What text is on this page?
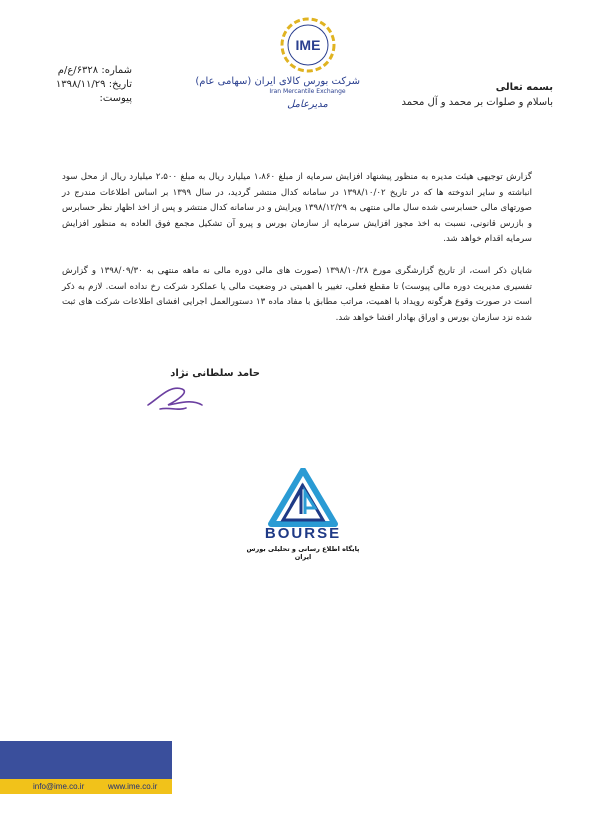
شماره: ۶۳۲۸/ع/م
تاریخ: ۱۳۹۸/۱۱/۲۹
پیوست:
IME
شرکت بورس کالای ایران (سهامی عام)
Iran Mercantile Exchange
مدیرعامل
بسمه تعالی
باسلام و صلوات بر محمد و آل محمد
گزارش توجیهی هیئت مدیره به منظور پیشنهاد افزایش سرمایه از مبلغ ۱،۸۶۰ میلیارد ریال به مبلغ ۲،۵۰۰ میلیارد ریال از محل سود انباشته و سایر اندوخته ها که در تاریخ ۱۳۹۸/۱۰/۰۲ در سامانه کدال منتشر گردید، در سال ۱۳۹۹ بر اساس اطلاعات مندرج در صورتهای مالی حسابرسی شده سال مالی منتهی به ۱۳۹۸/۱۲/۲۹ ویرایش و در سامانه کدال منتشر و پس از اخذ اظهار نظر حسابرس و بازرس قانونی، نسبت به اخذ مجوز افزایش سرمایه از سازمان بورس و پیرو آن تشکیل مجمع فوق العاده به منظور افزایش سرمایه اقدام خواهد شد.
شایان ذکر است، از تاریخ گزارشگری مورخ ۱۳۹۸/۱۰/۲۸ (صورت های مالی دوره مالی نه ماهه منتهی به ۱۳۹۸/۰۹/۳۰ و گزارش تفسیری مدیریت دوره مالی پیوست) تا مقطع فعلی، تغییر با اهمیتی در وضعیت مالی یا عملکرد شرکت رخ نداده است. لازم به ذکر است در صورت وقوع هرگونه رویداد با اهمیت، مراتب مطابق با مفاد ماده ۱۳ دستورالعمل اجرایی افشای اطلاعات شرکت های ثبت شده نزد سازمان بورس و اوراق بهادار افشا خواهد شد.
حامد سلطانی نژاد
BOURSE
پایگاه اطلاع رسانی و تحلیلی بورس ایران
ادرس: تهران، خیابان آیت الله طالقانی، بعد از تقاطع ولی عصر (عج)، شماره ۳۵۱
تلفن گویا: ۸۵۶۴۰ | نمابر: ۸۸۳۸۳۰۰۰
info@ime.co.ir	www.ime.co.ir
